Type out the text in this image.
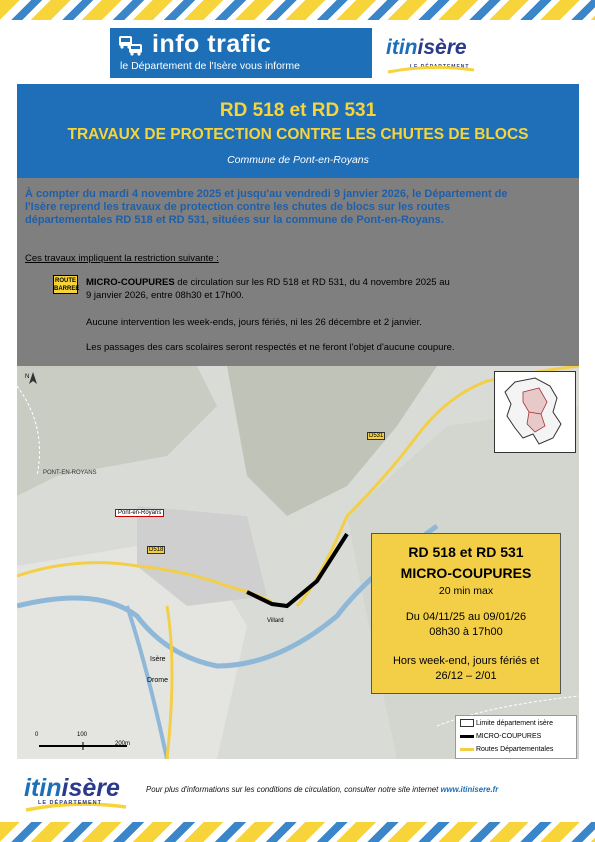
info trafic
le Département de l'Isère vous informe
itinisère
LE DÉPARTEMENT
RD 518 et RD 531
TRAVAUX DE PROTECTION CONTRE LES CHUTES DE BLOCS
Commune de Pont-en-Royans
À compter du mardi 4 novembre 2025 et jusqu'au vendredi 9 janvier 2026, le Département de
l'Isère reprend les travaux de protection contre les chutes de blocs sur les routes
départementales RD 518 et RD 531, situées sur la commune de Pont-en-Royans.
Ces travaux impliquent la restriction suivante :
ROUTE BARREE
MICRO-COUPURES de circulation sur les RD 518 et RD 531, du 4 novembre 2025 au
9 janvier 2026, entre 08h30 et 17h00.
Aucune intervention les week-ends, jours fériés, ni les 26 décembre et 2 janvier.
Les passages des cars scolaires seront respectés et ne feront l'objet d'aucune coupure.
N
PONT-EN-ROYANS
Pont-en-Royans
Isère
Drome
Villard
D518
D531
0	100
200m
RD 518 et RD 531
MICRO-COUPURES
20 min max
Du 04/11/25 au 09/01/26
08h30 à 17h00
Hors week-end, jours fériés et
26/12 – 2/01
Limite département isère
MICRO-COUPURES
Routes Départementales
itinisère
LE DÉPARTEMENT
Pour plus d'informations sur les conditions de circulation, consulter notre site internet www.itinisere.fr
